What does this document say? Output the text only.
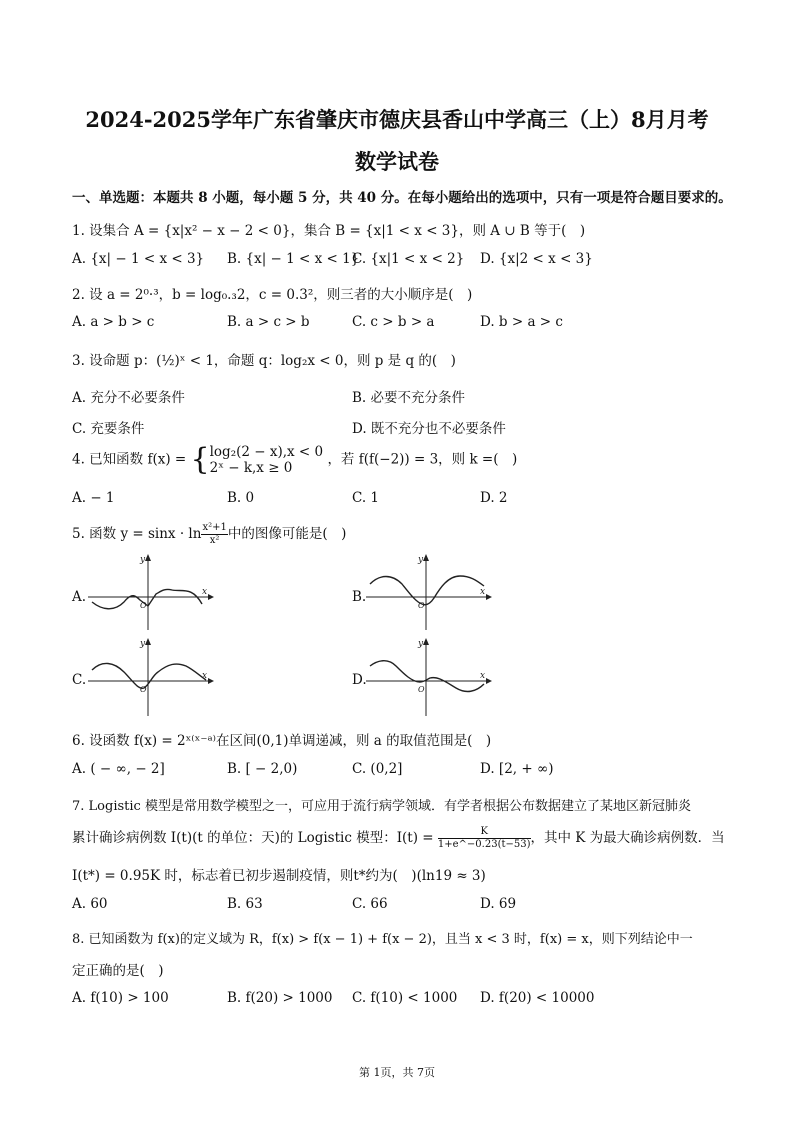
2024-2025学年广东省肇庆市德庆县香山中学高三（上）8月月考
数学试卷
一、单选题：本题共 8 小题，每小题 5 分，共 40 分。在每小题给出的选项中，只有一项是符合题目要求的。
1. 设集合 A = {x|x² − x − 2 < 0}，集合 B = {x|1 < x < 3}，则 A ∪ B 等于(　)
A. {x| − 1 < x < 3} B. {x| − 1 < x < 1}
C. {x|1 < x < 2} D. {x|2 < x < 3}
2. 设 a = 2⁰·³，b = log₀.₃2，c = 0.3²，则三者的大小顺序是(　)
A. a > b > c	B. a > c > b	C. c > b > a	D. b > a > c
3. 设命题 p：(½)ˣ < 1，命题 q：log₂x < 0，则 p 是 q 的(　)
A. 充分不必要条件	B. 必要不充分条件
C. 充要条件	D. 既不充分也不必要条件
4. 已知函数 f(x) = {log₂(2 − x),x < 0
2ˣ − k,x ≥ 0 ，若 f(f(−2)) = 3，则 k =(　)
A. − 1	B. 0	C. 1	D. 2
5. 函数 $y = \sin x \cdot \ln \frac{\text{x²+1}}{\text{x²}}$ 中的图像可能是(　)
A.	x
y
O
B.	x
y
O
C.	x
y
O
D.	x
y
O
6. 设函数 f(x) = 2ˣ⁽ˣ⁻ᵃ⁾在区间(0,1)单调递减，则 a 的取值范围是(　)
A. ( − ∞, − 2]	B. [ − 2,0)	C. (0,2]	D. [2, + ∞)
7. Logistic 模型是常用数学模型之一，可应用于流行病学领域．有学者根据公布数据建立了某地区新冠肺炎
累计确诊病例数 I(t)(t 的单位：天)的 Logistic 模型：$I(t) = \frac{K}{1+e\^{}-0.23(t-53)}$ ，其中 K 为最大确诊病例数．当
I(t*) = 0.95K 时，标志着已初步遏制疫情，则t*约为(　)(ln19 ≈ 3)
A. 60	B. 63	C. 66	D. 69
8. 已知函数为 f(x)的定义域为 R，f(x) > f(x − 1) + f(x − 2)，且当 x < 3 时，f(x) = x，则下列结论中一
定正确的是(　)
A. f(10) > 100	B. f(20) > 1000 C. f(10) < 1000 D. f(20) < 10000
第 1页，共 7页
